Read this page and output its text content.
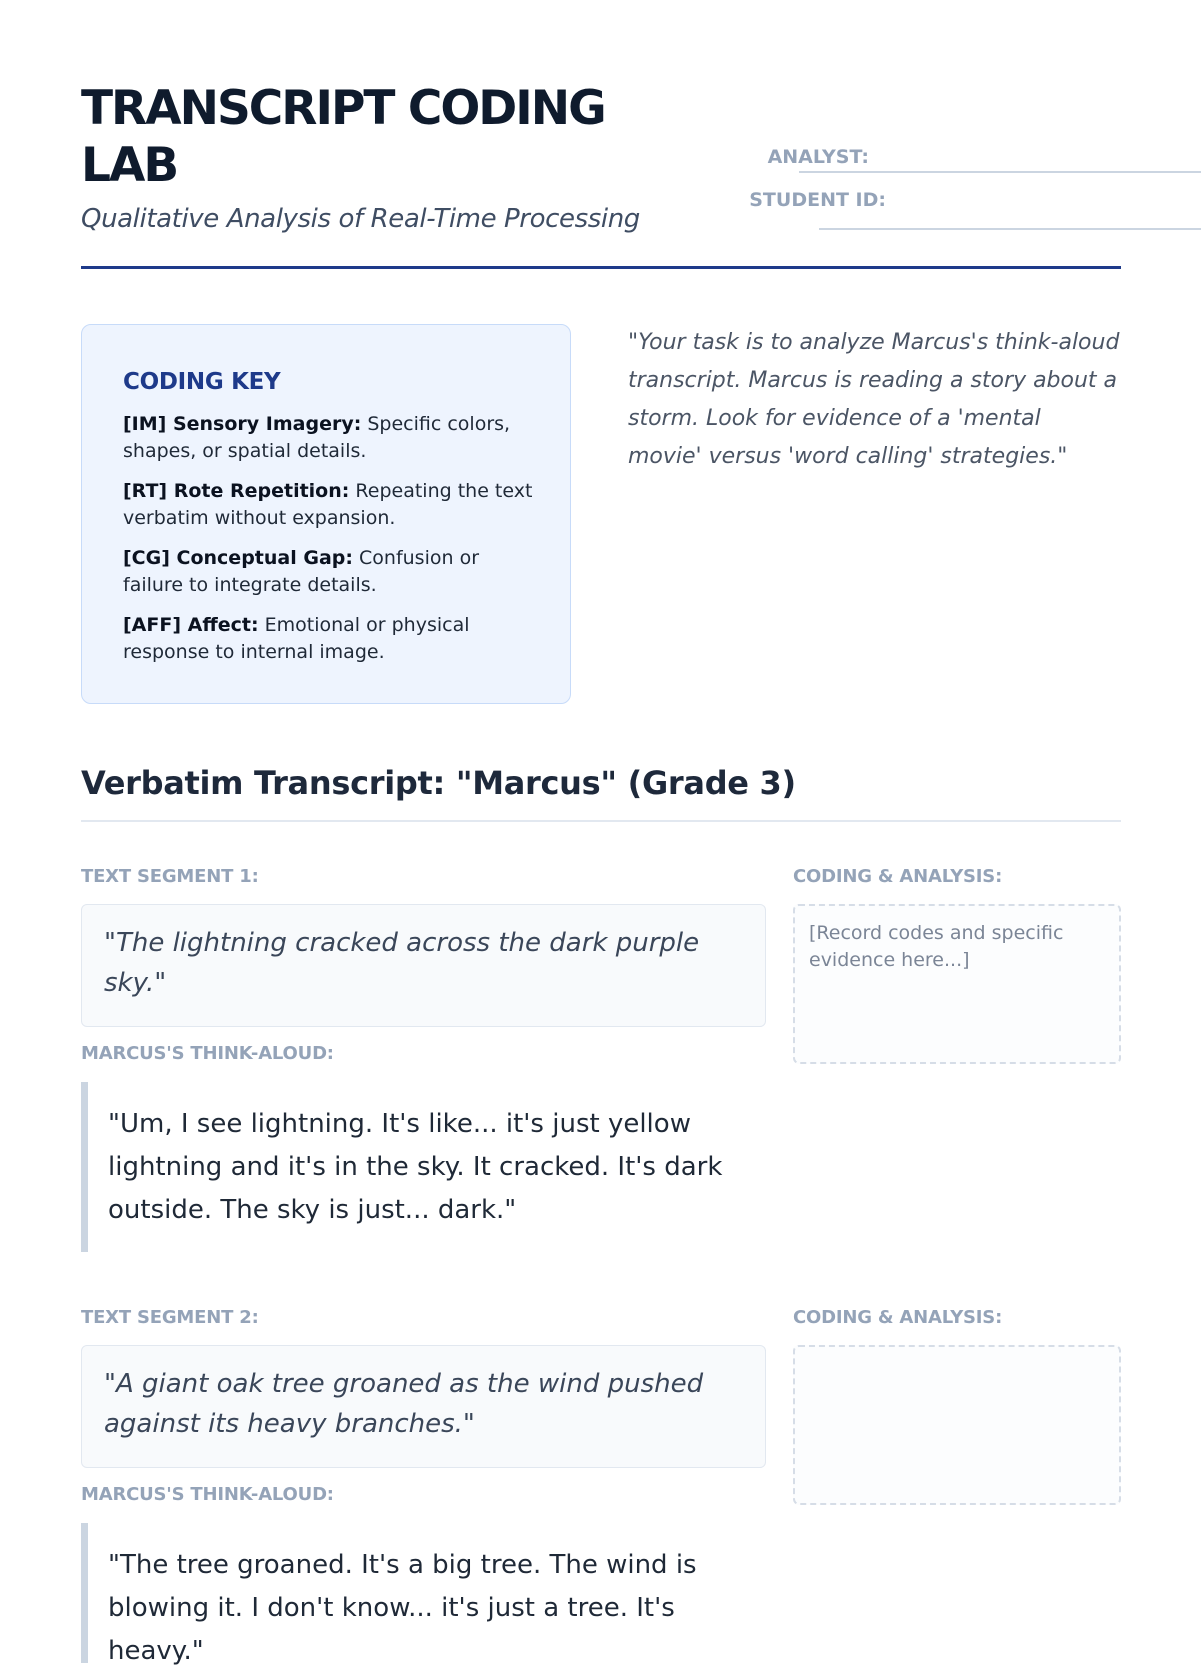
TRANSCRIPT CODING LAB
Qualitative Analysis of Real-Time Processing
ANALYST:
STUDENT ID:
CODING KEY
[IM] Sensory Imagery: Specific colors, shapes, or spatial details.
[RT] Rote Repetition: Repeating the text verbatim without expansion.
[CG] Conceptual Gap: Confusion or failure to integrate details.
[AFF] Affect: Emotional or physical response to internal image.
"Your task is to analyze Marcus's think-aloud transcript. Marcus is reading a story about a storm. Look for evidence of a 'mental movie' versus 'word calling' strategies."
Verbatim Transcript: "Marcus" (Grade 3)
TEXT SEGMENT 1:	CODING & ANALYSIS:
"The lightning cracked across the dark purple sky."
[Record codes and specific evidence here...]
MARCUS'S THINK-ALOUD:
"Um, I see lightning. It's like... it's just yellow lightning and it's in the sky. It cracked. It's dark outside. The sky is just... dark."
TEXT SEGMENT 2:	CODING & ANALYSIS:
"A giant oak tree groaned as the wind pushed against its heavy branches."
MARCUS'S THINK-ALOUD:
"The tree groaned. It's a big tree. The wind is blowing it. I don't know... it's just a tree. It's heavy."
